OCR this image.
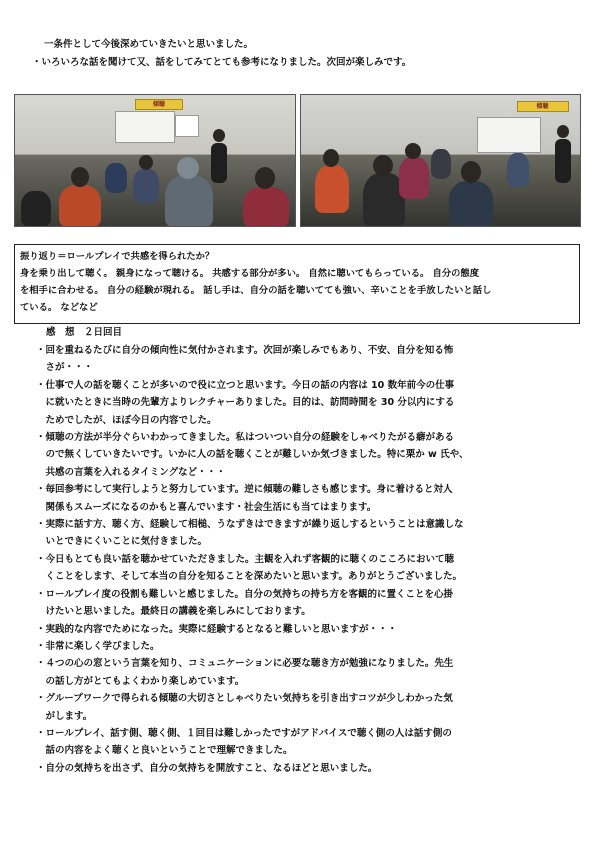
一条件として今後深めていきたいと思いました。

・いろいろな話を聞けて又、話をしてみてとても参考になりました。次回が楽しみです。

傾聴	傾聴

振り返り＝ロールプレイで共感を得られたか？

身を乗り出して聴く。 親身になって聴ける。 共感する部分が多い。 自然に聴いてもらっている。 自分の態度

を相手に合わせる。 自分の経験が現れる。 話し手は、自分の話を聴いてても強い、辛いことを手放したいと話し

ている。 などなど

感　想　２日回目

・回を重ねるたびに自分の傾向性に気付かされます。次回が楽しみでもあり、不安、自分を知る怖

　さが・・・

・仕事で人の話を聴くことが多いので役に立つと思います。今日の話の内容は 10 数年前今の仕事

　に就いたときに当時の先輩方よりレクチャーありました。目的は、訪問時間を 30 分以内にする

　ためでしたが、ほぼ今日の内容でした。

・傾聴の方法が半分ぐらいわかってきました。私はついつい自分の経験をしゃべりたがる癖がある

　ので無くしていきたいです。いかに人の話を聴くことが難しいか気づきました。特に栗か w 氏や、

　共感の言葉を入れるタイミングなど・・・

・毎回参考にして実行しようと努力しています。逆に傾聴の難しさも感じます。身に着けると対人

　関係もスムーズになるのかもと喜んでいます・社会生活にも当てはまります。

・実際に話す方、聴く方、経験して相槌、うなずきはできますが繰り返しするということは意識しな

　いとできにくいことに気付きました。

・今日もとても良い話を聴かせていただきました。主観を入れず客観的に聴くのこころにおいて聴

　くことをします、そして本当の自分を知ることを深めたいと思います。ありがとうございました。

・ロールプレイ度の役割も難しいと感じました。自分の気持ちの持ち方を客観的に置くことを心掛

　けたいと思いました。最終日の講義を楽しみにしております。

・実践的な内容でためになった。実際に経験するとなると難しいと思いますが・・・

・非常に楽しく学びました。

・４つの心の窓という言葉を知り、コミュニケーションに必要な聴き方が勉強になりました。先生

　の話し方がとてもよくわかり楽しめています。

・グループワークで得られる傾聴の大切さとしゃべりたい気持ちを引き出すコツが少しわかった気

　がします。

・ロールプレイ、話す側、聴く側、１回目は難しかったですがアドバイスで聴く側の人は話す側の

　話の内容をよく聴くと良いということで理解できました。

・自分の気持ちを出さず、自分の気持ちを開放すこと、なるほどと思いました。
